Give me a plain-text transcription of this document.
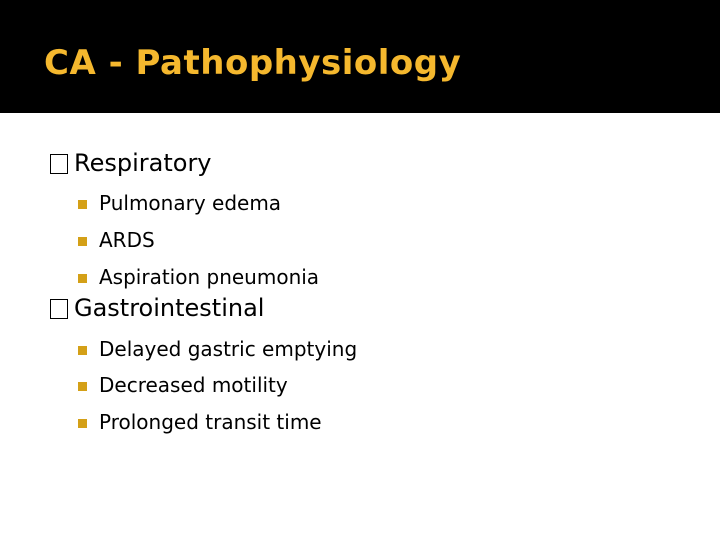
CA - Pathophysiology
Respiratory
Pulmonary edema
ARDS
Aspiration pneumonia
Gastrointestinal
Delayed gastric emptying
Decreased motility
Prolonged transit time
